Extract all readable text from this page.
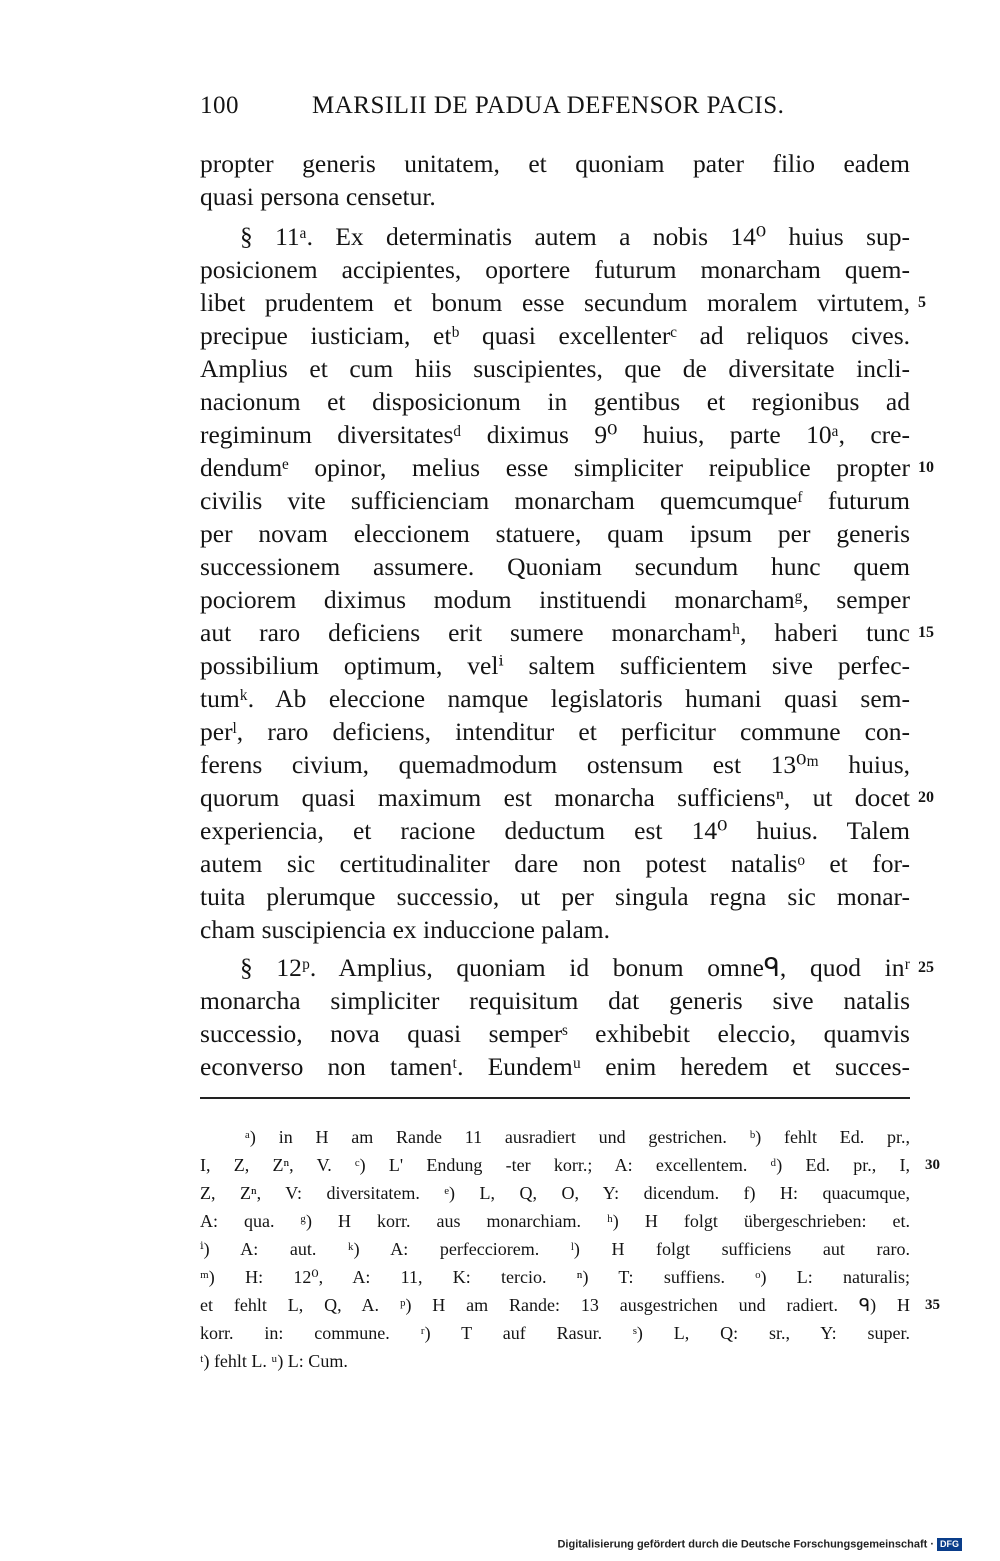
100	MARSILII DE PADUA DEFENSOR PACIS.
propter generis unitatem, et quoniam pater filio eadem
quasi persona censetur.
§ 11ᵃ. Ex determinatis autem a nobis 14⁰ huius sup-
posicionem accipientes, oportere futurum monarcham quem-
libet prudentem et bonum esse secundum moralem virtutem,
precipue iusticiam, etᵇ quasi excellenterᶜ ad reliquos cives.
Amplius et cum hiis suscipientes, que de diversitate incli-
nacionum et disposicionum in gentibus et regionibus ad
regiminum diversitatesᵈ diximus 9⁰ huius, parte 10ᵃ, cre-
dendumᵉ opinor, melius esse simpliciter reipublice propter
civilis vite sufficienciam monarcham quemcumqueᶠ futurum
per novam eleccionem statuere, quam ipsum per generis
successionem assumere. Quoniam secundum hunc quem
pociorem diximus modum instituendi monarchamᵍ, semper
aut raro deficiens erit sumere monarchamʰ, haberi tunc
possibilium optimum, velⁱ saltem sufficientem sive perfec-
tumᵏ. Ab eleccione namque legislatoris humani quasi sem-
perˡ, raro deficiens, intenditur et perficitur commune con-
ferens civium, quemadmodum ostensum est 13⁰ᵐ huius,
quorum quasi maximum est monarcha sufficiensⁿ, ut docet
experiencia, et racione deductum est 14⁰ huius. Talem
autem sic certitudinaliter dare non potest natalisᵒ et for-
tuita plerumque successio, ut per singula regna sic monar-
cham suscipiencia ex induccione palam.
§ 12ᵖ. Amplius, quoniam id bonum omneᑫ, quod inʳ
monarcha simpliciter requisitum dat generis sive natalis
successio, nova quasi semperˢ exhibebit eleccio, quamvis
econverso non tamenᵗ. Eundemᵘ enim heredem et succes-
5
10
15
20
25
ᵃ) in H am Rande 11 ausradiert und gestrichen. ᵇ) fehlt Ed. pr.,
I, Z, Zⁿ, V. ᶜ) L' Endung -ter korr.; A: excellentem. ᵈ) Ed. pr., I,
Z, Zⁿ, V: diversitatem. ᵉ) L, Q, O, Y: dicendum. f) H: quacumque,
A: qua. ᵍ) H korr. aus monarchiam. ʰ) H folgt übergeschrieben: et.
ⁱ) A: aut. ᵏ) A: perfecciorem. ˡ) H folgt sufficiens aut raro.
ᵐ) H: 12⁰, A: 11, K: tercio. ⁿ) T: suffiens. ᵒ) L: naturalis;
et fehlt L, Q, A. ᵖ) H am Rande: 13 ausgestrichen und radiert. ᑫ) H
korr. in: commune. ʳ) T auf Rasur. ˢ) L, Q: sr., Y: super.
ᵗ) fehlt L. ᵘ) L: Cum.
30
35
Digitalisierung gefördert durch die Deutsche Forschungsgemeinschaft · DFG
